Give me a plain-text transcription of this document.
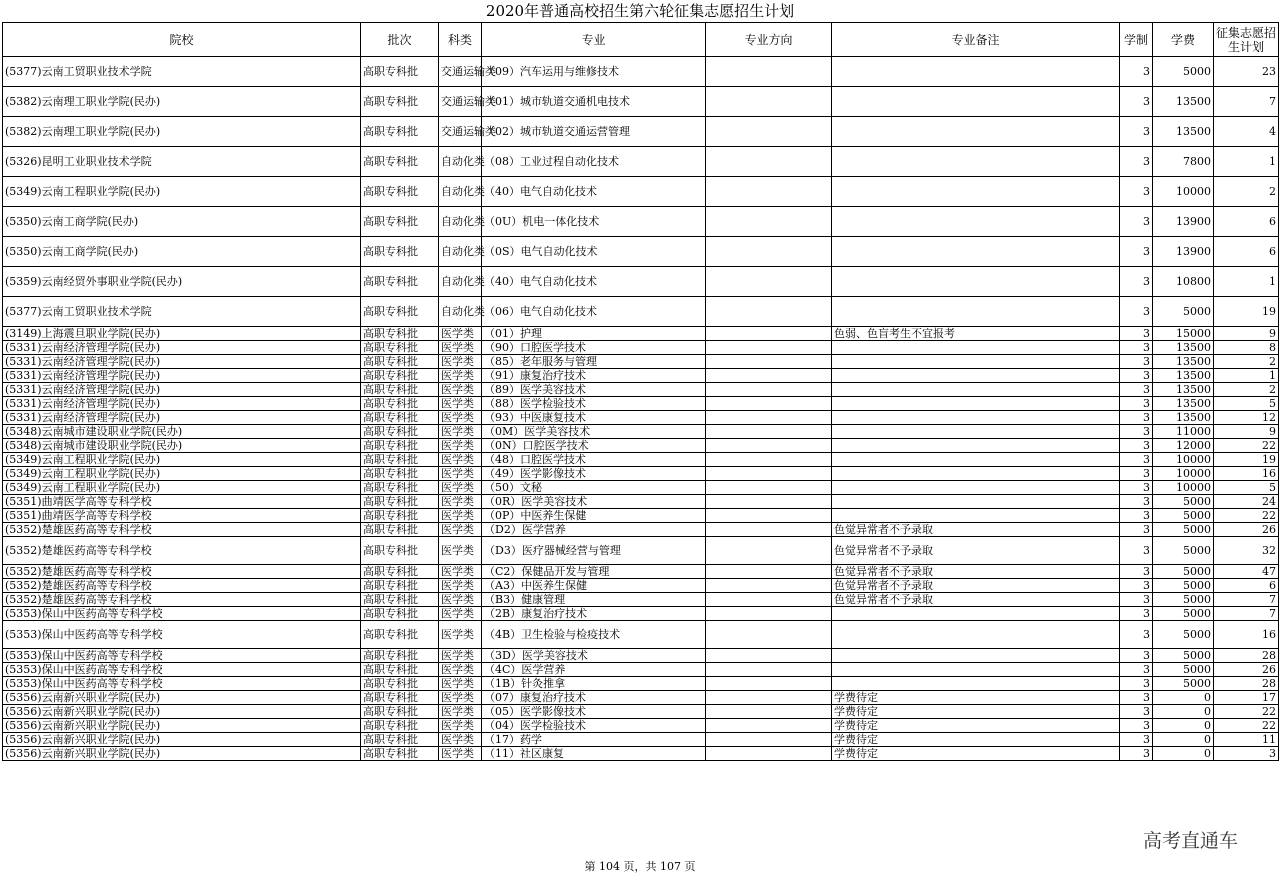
2020年普通高校招生第六轮征集志愿招生计划
院校	批次	科类	专业	专业方向	专业备注	学制	学费	征集志愿招生计划
(5377)云南工贸职业技术学院	高职专科批	交通运输类	（09）汽车运用与维修技术			3	5000	23
(5382)云南理工职业学院(民办)	高职专科批	交通运输类	（01）城市轨道交通机电技术			3	13500	7
(5382)云南理工职业学院(民办)	高职专科批	交通运输类	（02）城市轨道交通运营管理			3	13500	4
(5326)昆明工业职业技术学院	高职专科批	自动化类	（08）工业过程自动化技术			3	7800	1
(5349)云南工程职业学院(民办)	高职专科批	自动化类	（40）电气自动化技术			3	10000	2
(5350)云南工商学院(民办)	高职专科批	自动化类	（0U）机电一体化技术			3	13900	6
(5350)云南工商学院(民办)	高职专科批	自动化类	（0S）电气自动化技术			3	13900	6
(5359)云南经贸外事职业学院(民办)	高职专科批	自动化类	（40）电气自动化技术			3	10800	1
(5377)云南工贸职业技术学院	高职专科批	自动化类	（06）电气自动化技术			3	5000	19
(3149)上海震旦职业学院(民办)	高职专科批	医学类	（01）护理		色弱、色盲考生不宜报考	3	15000	9
(5331)云南经济管理学院(民办)	高职专科批	医学类	（90）口腔医学技术			3	13500	8
(5331)云南经济管理学院(民办)	高职专科批	医学类	（85）老年服务与管理			3	13500	2
(5331)云南经济管理学院(民办)	高职专科批	医学类	（91）康复治疗技术			3	13500	1
(5331)云南经济管理学院(民办)	高职专科批	医学类	（89）医学美容技术			3	13500	2
(5331)云南经济管理学院(民办)	高职专科批	医学类	（88）医学检验技术			3	13500	5
(5331)云南经济管理学院(民办)	高职专科批	医学类	（93）中医康复技术			3	13500	12
(5348)云南城市建设职业学院(民办)	高职专科批	医学类	（0M）医学美容技术			3	11000	9
(5348)云南城市建设职业学院(民办)	高职专科批	医学类	（0N）口腔医学技术			3	12000	22
(5349)云南工程职业学院(民办)	高职专科批	医学类	（48）口腔医学技术			3	10000	19
(5349)云南工程职业学院(民办)	高职专科批	医学类	（49）医学影像技术			3	10000	16
(5349)云南工程职业学院(民办)	高职专科批	医学类	（50）文秘			3	10000	5
(5351)曲靖医学高等专科学校	高职专科批	医学类	（0R）医学美容技术			3	5000	24
(5351)曲靖医学高等专科学校	高职专科批	医学类	（0P）中医养生保健			3	5000	22
(5352)楚雄医药高等专科学校	高职专科批	医学类	（D2）医学营养		色觉异常者不予录取	3	5000	26
(5352)楚雄医药高等专科学校	高职专科批	医学类	（D3）医疗器械经营与管理		色觉异常者不予录取	3	5000	32
(5352)楚雄医药高等专科学校	高职专科批	医学类	（C2）保健品开发与管理		色觉异常者不予录取	3	5000	47
(5352)楚雄医药高等专科学校	高职专科批	医学类	（A3）中医养生保健		色觉异常者不予录取	3	5000	6
(5352)楚雄医药高等专科学校	高职专科批	医学类	（B3）健康管理		色觉异常者不予录取	3	5000	7
(5353)保山中医药高等专科学校	高职专科批	医学类	（2B）康复治疗技术			3	5000	7
(5353)保山中医药高等专科学校	高职专科批	医学类	（4B）卫生检验与检疫技术			3	5000	16
(5353)保山中医药高等专科学校	高职专科批	医学类	（3D）医学美容技术			3	5000	28
(5353)保山中医药高等专科学校	高职专科批	医学类	（4C）医学营养			3	5000	26
(5353)保山中医药高等专科学校	高职专科批	医学类	（1B）针灸推拿			3	5000	28
(5356)云南新兴职业学院(民办)	高职专科批	医学类	（07）康复治疗技术		学费待定	3	0	17
(5356)云南新兴职业学院(民办)	高职专科批	医学类	（05）医学影像技术		学费待定	3	0	22
(5356)云南新兴职业学院(民办)	高职专科批	医学类	（04）医学检验技术		学费待定	3	0	22
(5356)云南新兴职业学院(民办)	高职专科批	医学类	（17）药学		学费待定	3	0	11
(5356)云南新兴职业学院(民办)	高职专科批	医学类	（11）社区康复		学费待定	3	0	3
高考直通车
第 104 页，共 107 页
